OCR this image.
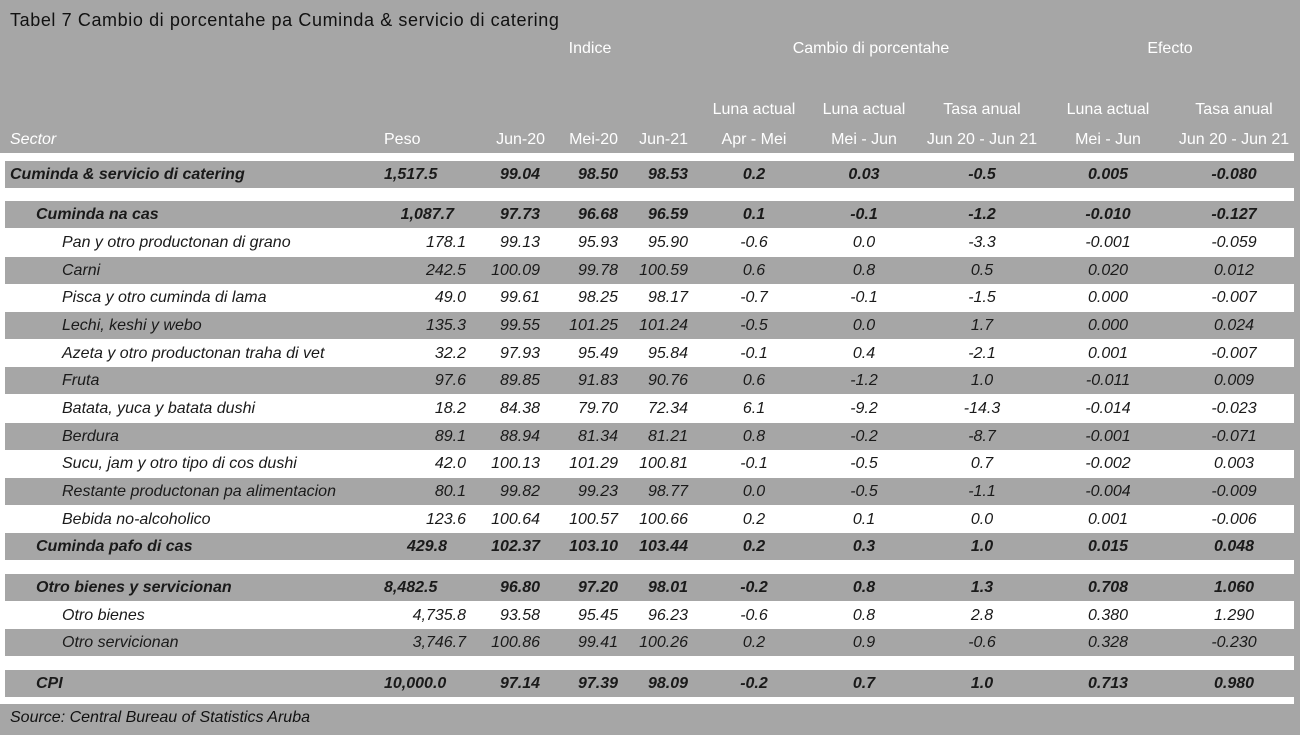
Tabel 7 Cambio di porcentahe pa Cuminda & servicio di catering
Indice	Cambio di porcentahe	Efecto
Luna actual	Luna actual	Tasa anual	Luna actual	Tasa anual
Sector	Peso	Jun-20	Mei-20	Jun-21	Apr - Mei	Mei - Jun	Jun 20 - Jun 21	Mei - Jun	Jun 20 - Jun 21
Cuminda & servicio di catering	1,517.5	99.04	98.50	98.53	0.2	0.03	-0.5	0.005	-0.080
Cuminda na cas	1,087.7	97.73	96.68	96.59	0.1	-0.1	-1.2	-0.010	-0.127
Pan y otro productonan di grano	178.1	99.13	95.93	95.90	-0.6	0.0	-3.3	-0.001	-0.059
Carni	242.5	100.09	99.78	100.59	0.6	0.8	0.5	0.020	0.012
Pisca y otro cuminda di lama	49.0	99.61	98.25	98.17	-0.7	-0.1	-1.5	0.000	-0.007
Lechi, keshi y webo	135.3	99.55	101.25	101.24	-0.5	0.0	1.7	0.000	0.024
Azeta y otro productonan traha di vet	32.2	97.93	95.49	95.84	-0.1	0.4	-2.1	0.001	-0.007
Fruta	97.6	89.85	91.83	90.76	0.6	-1.2	1.0	-0.011	0.009
Batata, yuca y batata dushi	18.2	84.38	79.70	72.34	6.1	-9.2	-14.3	-0.014	-0.023
Berdura	89.1	88.94	81.34	81.21	0.8	-0.2	-8.7	-0.001	-0.071
Sucu, jam y otro tipo di cos dushi	42.0	100.13	101.29	100.81	-0.1	-0.5	0.7	-0.002	0.003
Restante productonan pa alimentacion	80.1	99.82	99.23	98.77	0.0	-0.5	-1.1	-0.004	-0.009
Bebida no-alcoholico	123.6	100.64	100.57	100.66	0.2	0.1	0.0	0.001	-0.006
Cuminda pafo di cas	429.8	102.37	103.10	103.44	0.2	0.3	1.0	0.015	0.048
Otro bienes y servicionan	8,482.5	96.80	97.20	98.01	-0.2	0.8	1.3	0.708	1.060
Otro bienes	4,735.8	93.58	95.45	96.23	-0.6	0.8	2.8	0.380	1.290
Otro servicionan	3,746.7	100.86	99.41	100.26	0.2	0.9	-0.6	0.328	-0.230
CPI	10,000.0	97.14	97.39	98.09	-0.2	0.7	1.0	0.713	0.980
Source: Central Bureau of Statistics Aruba
